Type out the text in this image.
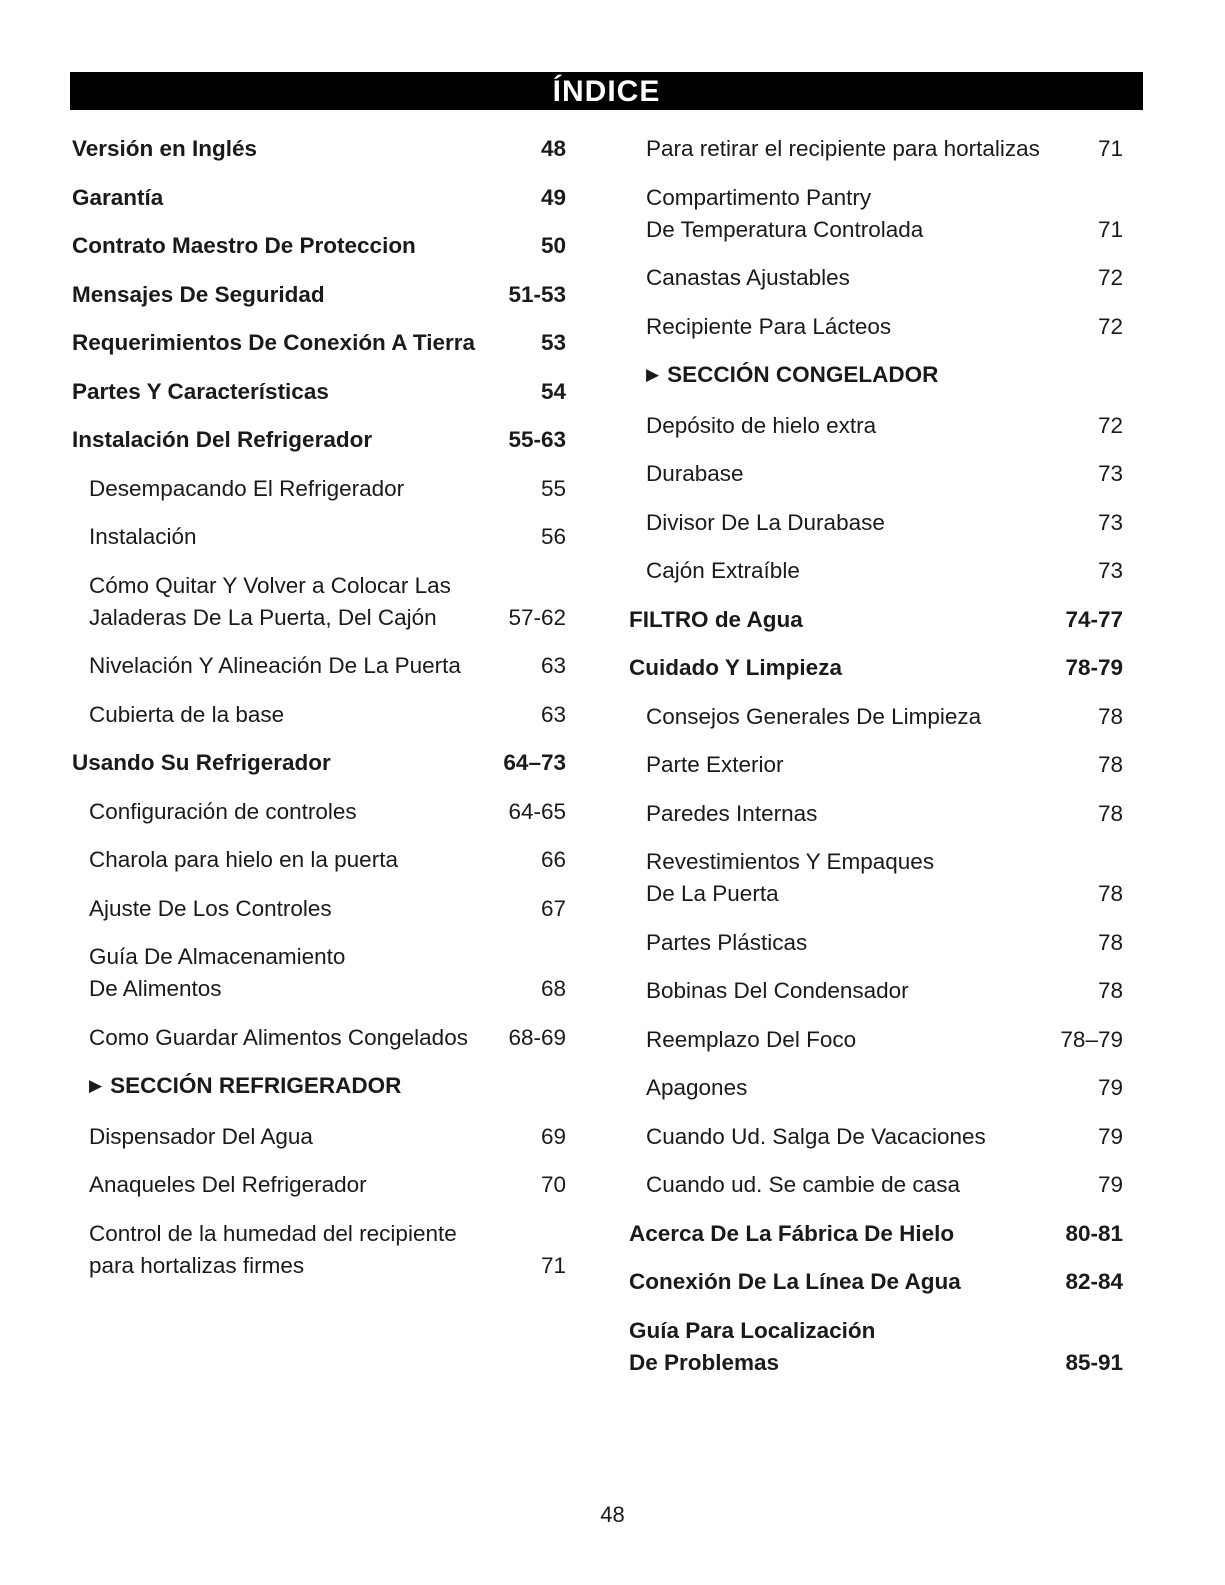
ÍNDICE
Versión en Inglés	48
Garantía	49
Contrato Maestro De Proteccion	50
Mensajes De Seguridad	51-53
Requerimientos De Conexión A Tierra	53
Partes Y Características	54
Instalación Del Refrigerador	55-63
Desempacando El Refrigerador	55
Instalación	56
Cómo Quitar Y Volver a Colocar Las
Jaladeras De La Puerta, Del Cajón	57-62
Nivelación Y Alineación De La Puerta	63
Cubierta de la base	63
Usando Su Refrigerador	64–73
Configuración de controles	64-65
Charola para hielo en la puerta	66
Ajuste De Los Controles	67
Guía De Almacenamiento
De Alimentos	68
Como Guardar Alimentos Congelados	68-69
▶ SECCIÓN REFRIGERADOR
Dispensador Del Agua	69
Anaqueles Del Refrigerador	70
Control de la humedad del recipiente
para hortalizas firmes	71
Para retirar el recipiente para hortalizas	71
Compartimento Pantry
De Temperatura Controlada	71
Canastas Ajustables	72
Recipiente Para Lácteos	72
▶ SECCIÓN CONGELADOR
Depósito de hielo extra	72
Durabase	73
Divisor De La Durabase	73
Cajón Extraíble	73
FILTRO de Agua	74-77
Cuidado Y Limpieza	78-79
Consejos Generales De Limpieza	78
Parte Exterior	78
Paredes Internas	78
Revestimientos Y Empaques
De La Puerta	78
Partes Plásticas	78
Bobinas Del Condensador	78
Reemplazo Del Foco	78–79
Apagones	79
Cuando Ud. Salga De Vacaciones	79
Cuando ud. Se cambie de casa	79
Acerca De La Fábrica De Hielo	80-81
Conexión De La Línea De Agua	82-84
Guía Para Localización
De Problemas	85-91
48
